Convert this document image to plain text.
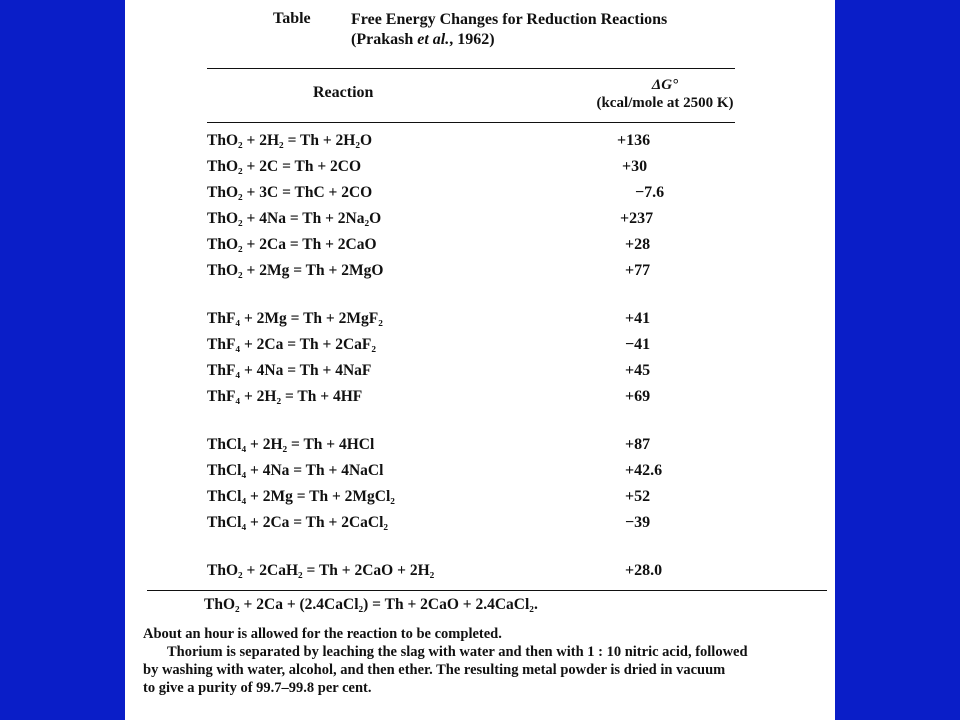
Table	Free Energy Changes for Reduction Reactions
(Prakash et al., 1962)
Reaction	ΔG°
(kcal/mole at 2500 K)
ThO₂ + 2H₂ = Th + 2H₂O	+136
ThO₂ + 2C = Th + 2CO	+30
ThO₂ + 3C = ThC + 2CO	−7.6
ThO₂ + 4Na = Th + 2Na₂O	+237
ThO₂ + 2Ca = Th + 2CaO	+28
ThO₂ + 2Mg = Th + 2MgO	+77
ThF₄ + 2Mg = Th + 2MgF₂	+41
ThF₄ + 2Ca = Th + 2CaF₂	−41
ThF₄ + 4Na = Th + 4NaF	+45
ThF₄ + 2H₂ = Th + 4HF	+69
ThCl₄ + 2H₂ = Th + 4HCl	+87
ThCl₄ + 4Na = Th + 4NaCl	+42.6
ThCl₄ + 2Mg = Th + 2MgCl₂	+52
ThCl₄ + 2Ca = Th + 2CaCl₂	−39
ThO₂ + 2CaH₂ = Th + 2CaO + 2H₂	+28.0
ThO₂ + 2Ca + (2.4CaCl₂) = Th + 2CaO + 2.4CaCl₂.
About an hour is allowed for the reaction to be completed.
Thorium is separated by leaching the slag with water and then with 1 : 10 nitric acid, followed
by washing with water, alcohol, and then ether. The resulting metal powder is dried in vacuum
to give a purity of 99.7–99.8 per cent.
